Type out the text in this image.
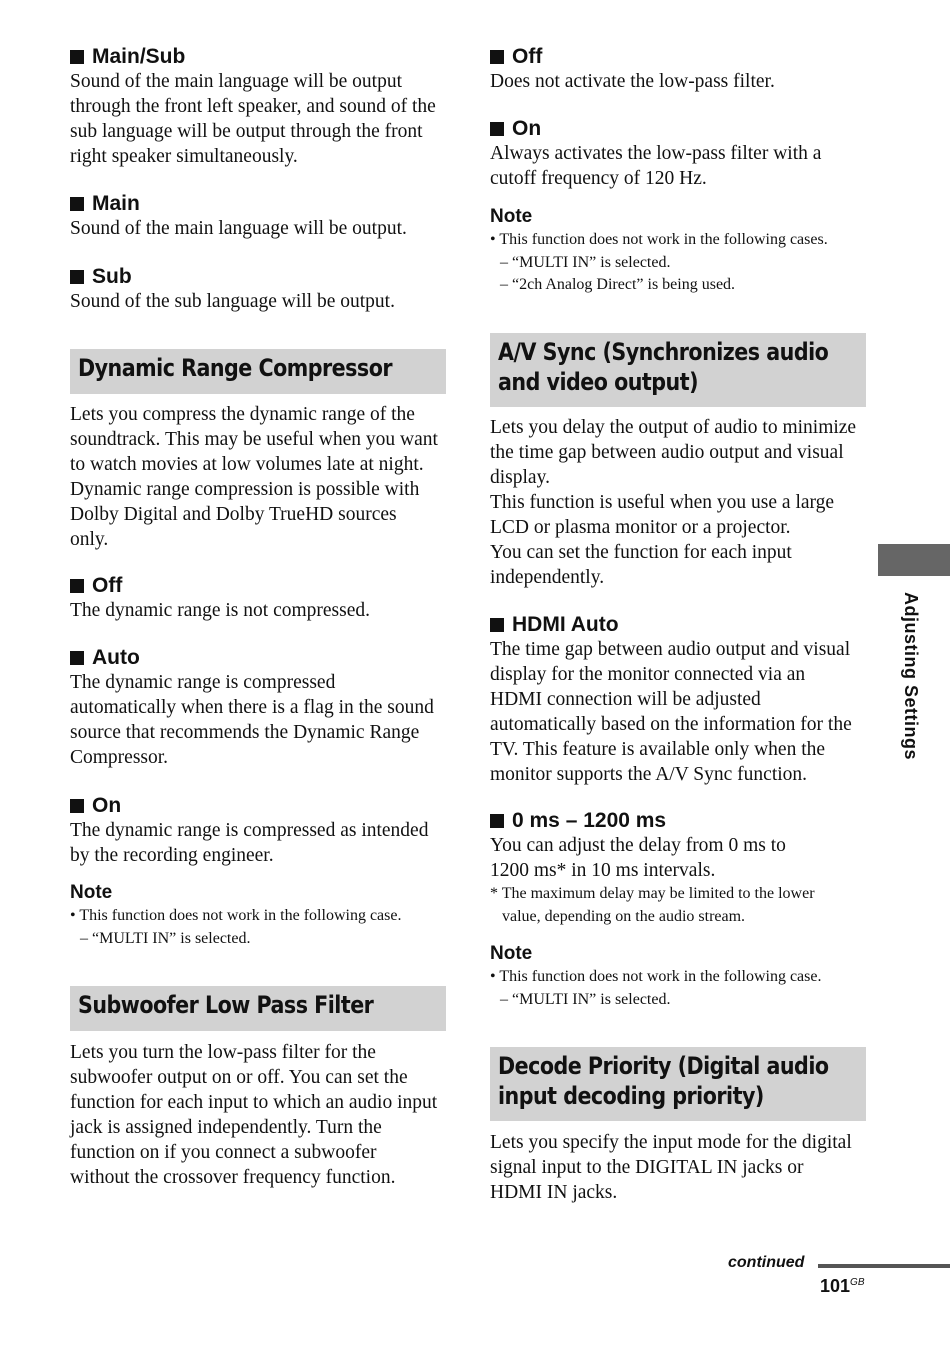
Main/Sub

Sound of the main language will be output

through the front left speaker, and sound of the

sub language will be output through the front

right speaker simultaneously.

Main

Sound of the main language will be output.

Sub

Sound of the sub language will be output.

Dynamic Range Compressor

Lets you compress the dynamic range of the

soundtrack. This may be useful when you want

to watch movies at low volumes late at night.

Dynamic range compression is possible with

Dolby Digital and Dolby TrueHD sources

only.

Off

The dynamic range is not compressed.

Auto

The dynamic range is compressed

automatically when there is a flag in the sound

source that recommends the Dynamic Range

Compressor.

On

The dynamic range is compressed as intended

by the recording engineer.

Note

• This function does not work in the following case.

– “MULTI IN” is selected.

Subwoofer Low Pass Filter

Lets you turn the low-pass filter for the

subwoofer output on or off. You can set the

function for each input to which an audio input

jack is assigned independently. Turn the

function on if you connect a subwoofer

without the crossover frequency function.

Off

Does not activate the low-pass filter.

On

Always activates the low-pass filter with a

cutoff frequency of 120 Hz.

Note

• This function does not work in the following cases.

– “MULTI IN” is selected.

– “2ch Analog Direct” is being used.

A/V Sync (Synchronizes audio and video output)

Lets you delay the output of audio to minimize

the time gap between audio output and visual

display.

This function is useful when you use a large

LCD or plasma monitor or a projector.

You can set the function for each input

independently.

HDMI Auto

The time gap between audio output and visual

display for the monitor connected via an

HDMI connection will be adjusted

automatically based on the information for the

TV. This feature is available only when the

monitor supports the A/V Sync function.

0 ms – 1200 ms

You can adjust the delay from 0 ms to

1200 ms* in 10 ms intervals.

* The maximum delay may be limited to the lower

value, depending on the audio stream.

Note

• This function does not work in the following case.

– “MULTI IN” is selected.

Decode Priority (Digital audio input decoding priority)

Lets you specify the input mode for the digital

signal input to the DIGITAL IN jacks or

HDMI IN jacks.

Adjusting Settings
continued
$101^{GB}$
